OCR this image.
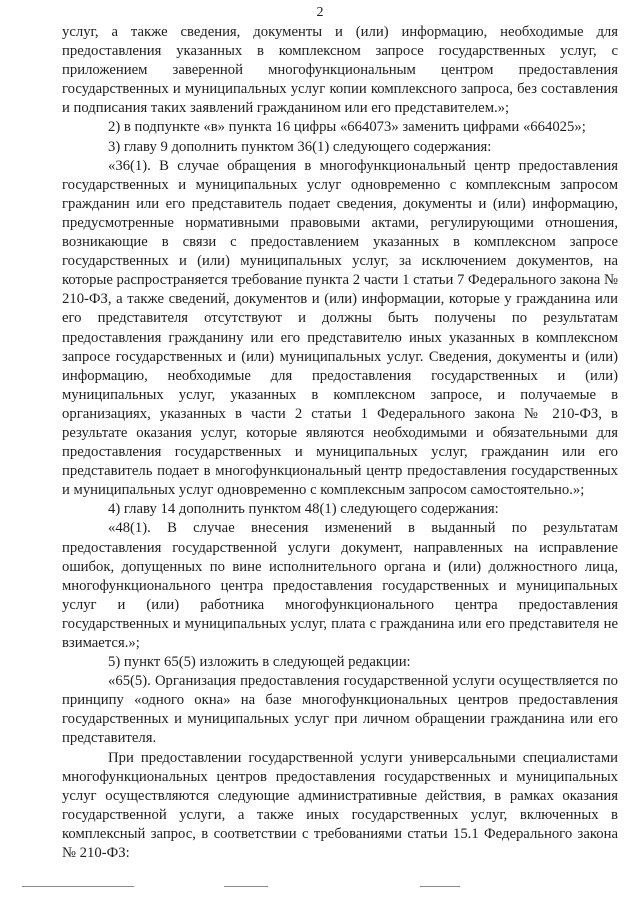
2

услуг, а также сведения, документы и (или) информацию, необходимые для предоставления указанных в комплексном запросе государственных услуг, с приложением заверенной многофункциональным центром предоставления государственных и муниципальных услуг копии комплексного запроса, без составления и подписания таких заявлений гражданином или его представителем.»;

2) в подпункте «в» пункта 16 цифры «664073» заменить цифрами «664025»;

3) главу 9 дополнить пунктом 36(1) следующего содержания:

«36(1). В случае обращения в многофункциональный центр предоставления государственных и муниципальных услуг одновременно с комплексным запросом гражданин или его представитель подает сведения, документы и (или) информацию, предусмотренные нормативными правовыми актами, регулирующими отношения, возникающие в связи с предоставлением указанных в комплексном запросе государственных и (или) муниципальных услуг, за исключением документов, на которые распространяется требование пункта 2 части 1 статьи 7 Федерального закона № 210-ФЗ, а также сведений, документов и (или) информации, которые у гражданина или его представителя отсутствуют и должны быть получены по результатам предоставления гражданину или его представителю иных указанных в комплексном запросе государственных и (или) муниципальных услуг. Сведения, документы и (или) информацию, необходимые для предоставления государственных и (или) муниципальных услуг, указанных в комплексном запросе, и получаемые в организациях, указанных в части 2 статьи 1 Федерального закона № 210-ФЗ, в результате оказания услуг, которые являются необходимыми и обязательными для предоставления государственных и муниципальных услуг, гражданин или его представитель подает в многофункциональный центр предоставления государственных и муниципальных услуг одновременно с комплексным запросом самостоятельно.»;

4) главу 14 дополнить пунктом 48(1) следующего содержания:

«48(1). В случае внесения изменений в выданный по результатам предоставления государственной услуги документ, направленных на исправление ошибок, допущенных по вине исполнительного органа и (или) должностного лица, многофункционального центра предоставления государственных и муниципальных услуг и (или) работника многофункционального центра предоставления государственных и муниципальных услуг, плата с гражданина или его представителя не взимается.»;

5) пункт 65(5) изложить в следующей редакции:

«65(5). Организация предоставления государственной услуги осуществляется по принципу «одного окна» на базе многофункциональных центров предоставления государственных и муниципальных услуг при личном обращении гражданина или его представителя.

При предоставлении государственной услуги универсальными специалистами многофункциональных центров предоставления государственных и муниципальных услуг осуществляются следующие административные действия, в рамках оказания государственной услуги, а также иных государственных услуг, включенных в комплексный запрос, в соответствии с требованиями статьи 15.1 Федерального закона № 210-ФЗ:
